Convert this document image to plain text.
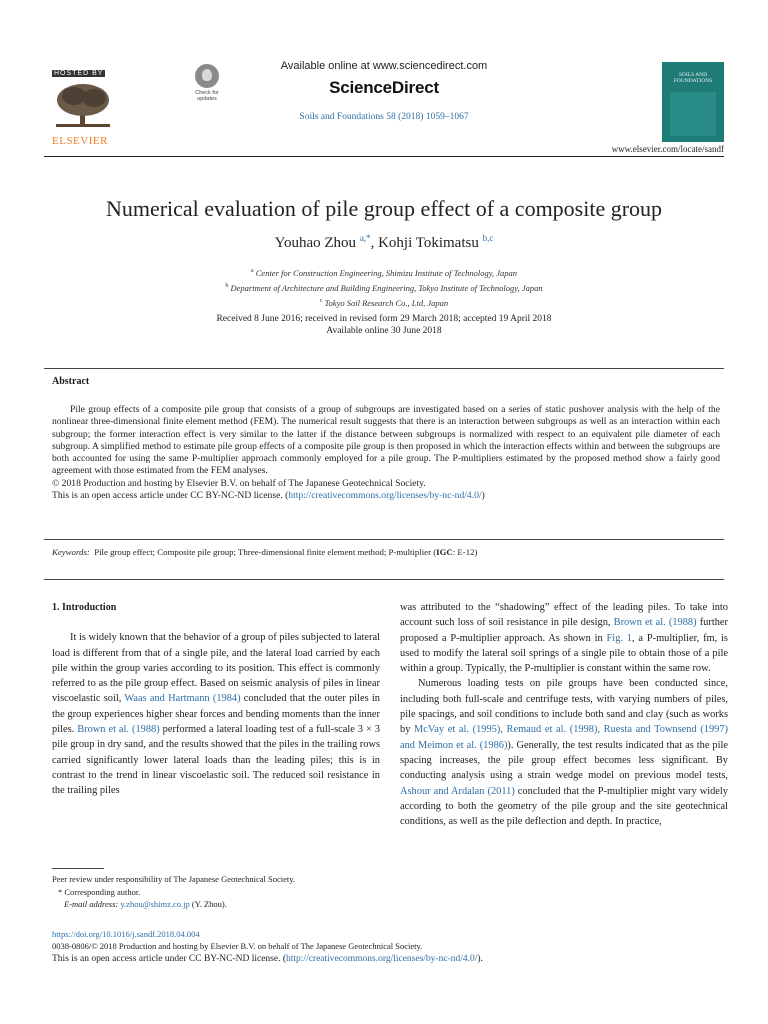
HOSTED BY
ELSEVIER
Check for updates
Available online at www.sciencedirect.com
ScienceDirect
Soils and Foundations 58 (2018) 1059–1067
SOILS AND FOUNDATIONS
www.elsevier.com/locate/sandf
Numerical evaluation of pile group effect of a composite group
Youhao Zhou $^{a,*}$, Kohji Tokimatsu $^{b,c}$
$^a$ Center for Construction Engineering, Shimizu Institute of Technology, Japan
$^b$ Department of Architecture and Building Engineering, Tokyo Institute of Technology, Japan
$^c$ Tokyo Soil Research Co., Ltd, Japan
Received 8 June 2016; received in revised form 29 March 2018; accepted 19 April 2018
Available online 30 June 2018
Abstract

Pile group effects of a composite pile group that consists of a group of subgroups are investigated based on a series of static pushover analysis with the help of the nonlinear three-dimensional finite element method (FEM). The numerical result suggests that there is an interaction between subgroups as well as an interaction within each subgroup; the former interaction effect is very similar to the latter if the distance between subgroups is normalized with respect to an equivalent pile diameter of each subgroup. A simplified method to estimate pile group effects of a composite pile group is then proposed in which the interaction effects within and between the subgroups are both accounted for using the same P-multiplier approach commonly employed for a pile group. The P-multipliers estimated by the proposed method show a fairly good agreement with those estimated from the FEM analyses.

© 2018 Production and hosting by Elsevier B.V. on behalf of The Japanese Geotechnical Society.

This is an open access article under CC BY-NC-ND license. (http://creativecommons.org/licenses/by-nc-nd/4.0/)

Keywords: Pile group effect; Composite pile group; Three-dimensional finite element method; P-multiplier (IGC: E-12)

1. Introduction

It is widely known that the behavior of a group of piles subjected to lateral load is different from that of a single pile, and the lateral load carried by each pile within the group varies according to its position. This effect is commonly referred to as the pile group effect. Based on seismic analysis of piles in linear viscoelastic soil, Waas and Hartmann (1984) concluded that the outer piles in the group experiences higher shear forces and bending moments than the inner piles. Brown et al. (1988) performed a lateral loading test of a full-scale 3 × 3 pile group in dry sand, and the results showed that the piles in the trailing rows carried significantly lower lateral loads than the leading piles; this is in contrast to the trend in linear viscoelastic soil. The reduced soil resistance in the trailing piles

was attributed to the “shadowing” effect of the leading piles. To take into account such loss of soil resistance in pile design, Brown et al. (1988) further proposed a P-multiplier approach. As shown in Fig. 1, a P-multiplier, fm, is used to modify the lateral soil springs of a single pile to obtain those of a pile within a group. Typically, the P-multiplier is constant within the same row.

Numerous loading tests on pile groups have been conducted since, including both full-scale and centrifuge tests, with varying numbers of piles, pile spacings, and soil conditions to include both sand and clay (such as works by McVay et al. (1995), Remaud et al. (1998), Ruesta and Townsend (1997) and Meimon et al. (1986)). Generally, the test results indicated that as the pile spacing increases, the pile group effect becomes less significant. By conducting analysis using a strain wedge model on previous model tests, Ashour and Ardalan (2011) concluded that the P-multiplier might vary widely according to both the geometry of the pile group and the site geotechnical conditions, as well as the pile deflection and depth. In practice,

Peer review under responsibility of The Japanese Geotechnical Society.

* Corresponding author.

E-mail address: y.zhou@shimz.co.jp (Y. Zhou).

https://doi.org/10.1016/j.sandf.2018.04.004
0038-0806/© 2018 Production and hosting by Elsevier B.V. on behalf of The Japanese Geotechnical Society.
This is an open access article under CC BY-NC-ND license. (http://creativecommons.org/licenses/by-nc-nd/4.0/).
